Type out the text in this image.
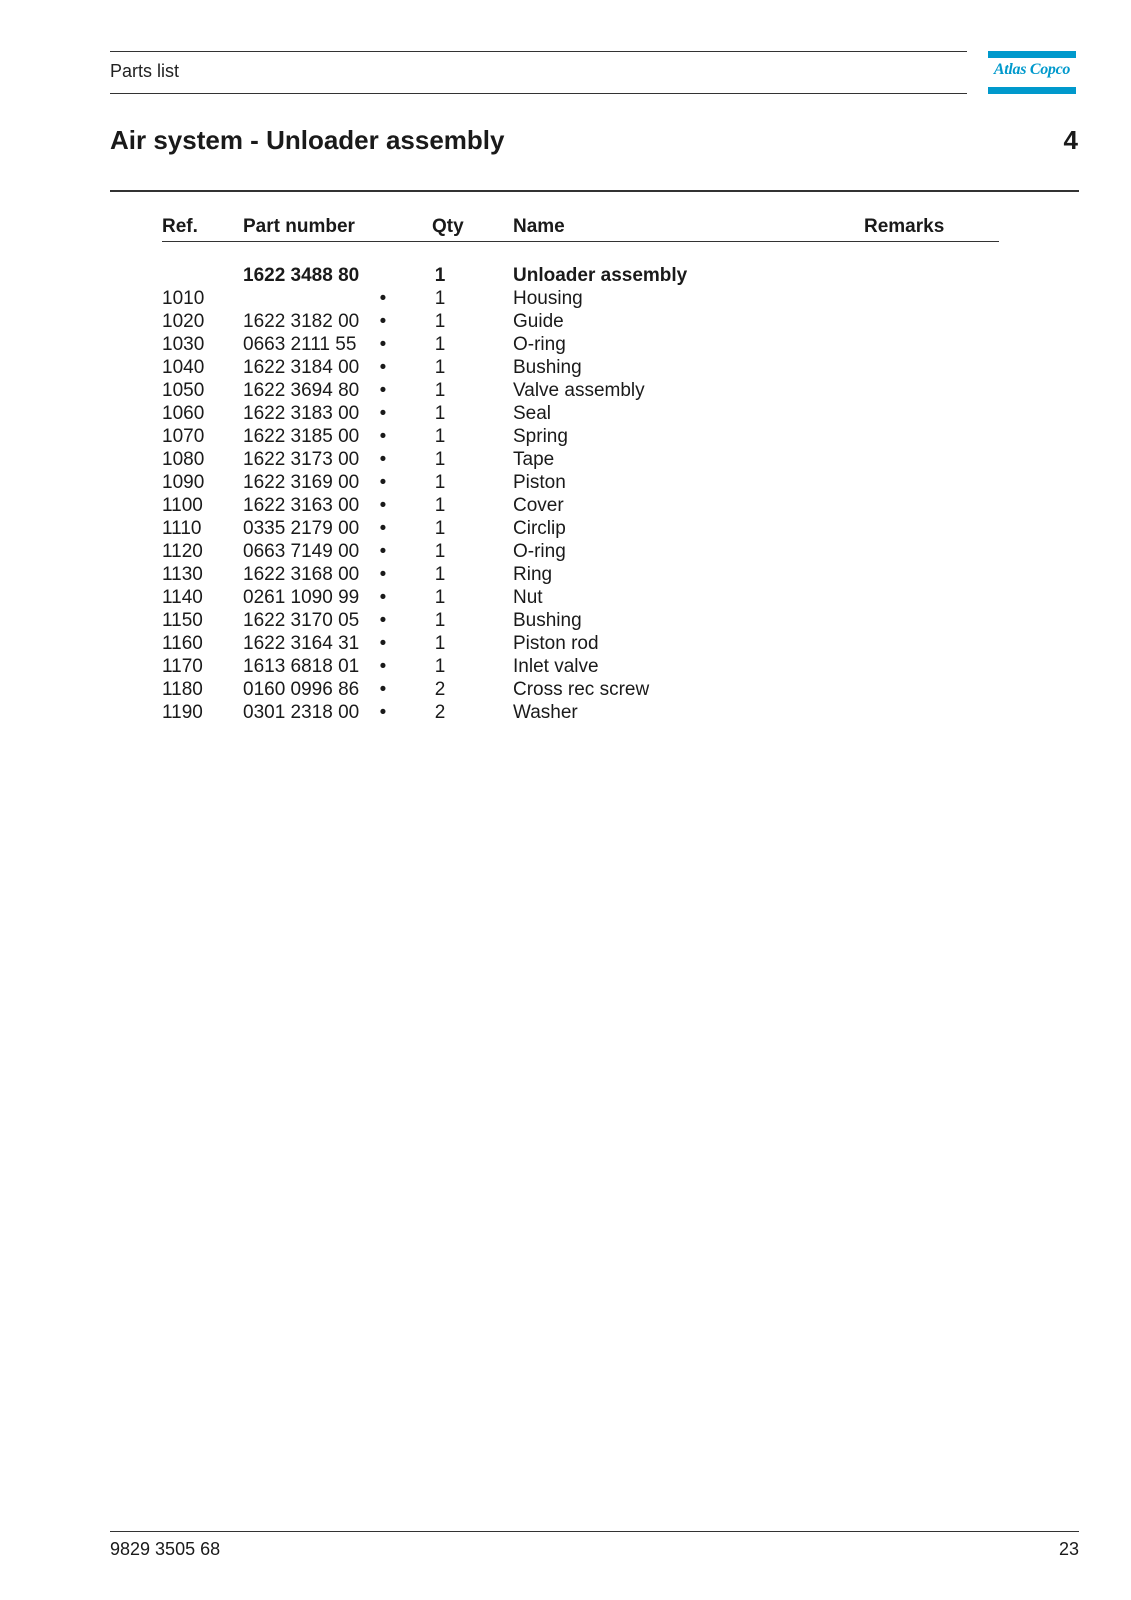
Parts list	Atlas Copco
Air system - Unloader assembly	4
Ref. Part number	Qty	Name	Remarks
1622 3488 80	1	Unloader assembly
1010	•	1	Housing
1020 1622 3182 00 •	1	Guide
1030 0663 2111 55 •	1	O-ring
1040 1622 3184 00 •	1	Bushing
1050 1622 3694 80 •	1	Valve assembly
1060 1622 3183 00 •	1	Seal
1070 1622 3185 00 •	1	Spring
1080 1622 3173 00 •	1	Tape
1090 1622 3169 00 •	1	Piston
1100 1622 3163 00 •	1	Cover
1110 0335 2179 00 •	1	Circlip
1120 0663 7149 00 •	1	O-ring
1130 1622 3168 00 •	1	Ring
1140 0261 1090 99 •	1	Nut
1150 1622 3170 05 •	1	Bushing
1160 1622 3164 31 •	1	Piston rod
1170 1613 6818 01 •	1	Inlet valve
1180 0160 0996 86 •	2	Cross rec screw
1190 0301 2318 00 •	2	Washer
9829 3505 68	23
